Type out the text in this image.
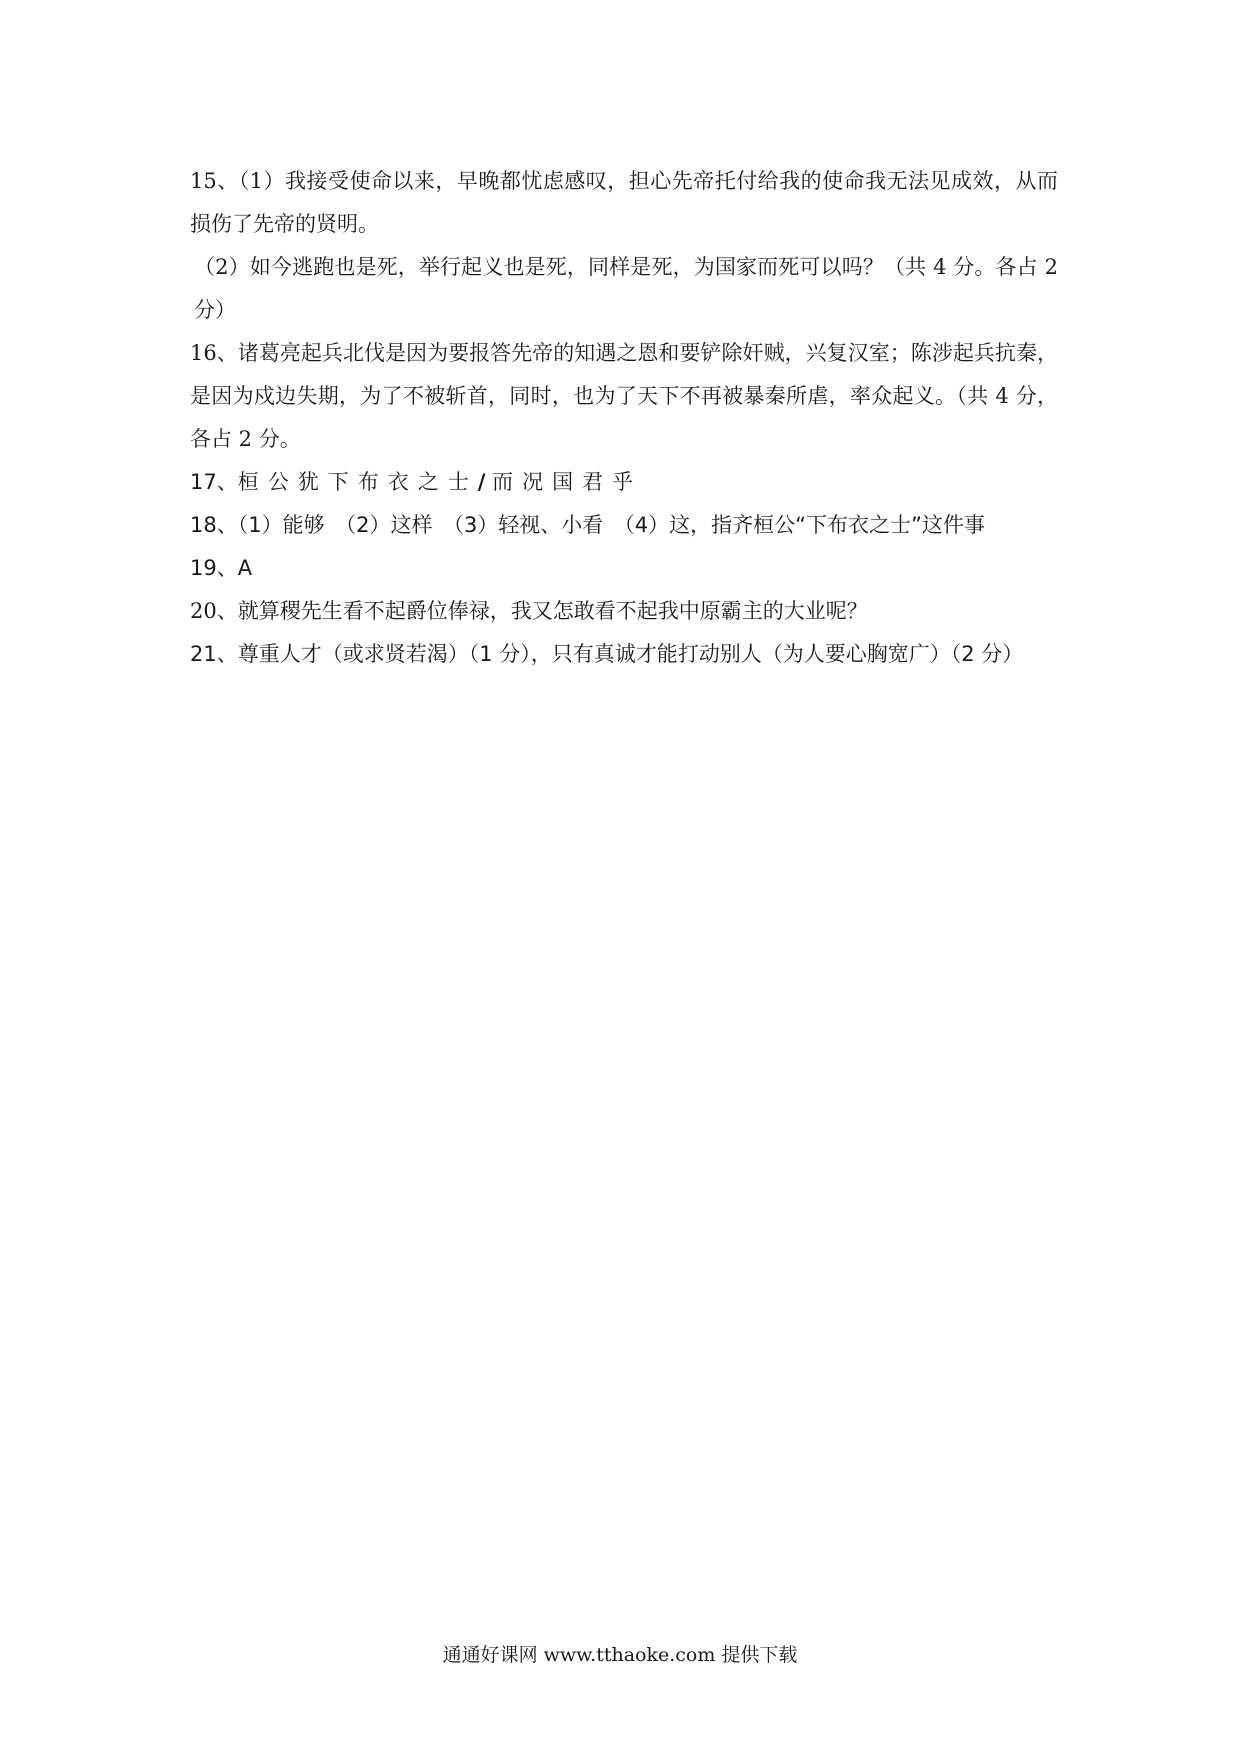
15、（1）我接受使命以来，早晚都忧虑感叹，担心先帝托付给我的使命我无法见成效，从而损伤了先帝的贤明。

（2）如今逃跑也是死，举行起义也是死，同样是死，为国家而死可以吗？（共 4 分。各占 2 分）

16、诸葛亮起兵北伐是因为要报答先帝的知遇之恩和要铲除奸贼，兴复汉室；陈涉起兵抗秦，是因为戍边失期，为了不被斩首，同时，也为了天下不再被暴秦所虐，率众起义。（共 4 分，各占 2 分。

17、桓公犹下布衣之士/ 而况国君乎

18、（1）能够　（2）这样　（3）轻视、小看　（4）这，指齐桓公“下布衣之士”这件事

19、A

20、就算稷先生看不起爵位俸禄，我又怎敢看不起我中原霸主的大业呢？

21、尊重人才（或求贤若渴）（1 分），只有真诚才能打动别人（为人要心胸宽广）（2 分）

通通好课网 www.tthaoke.com 提供下载
